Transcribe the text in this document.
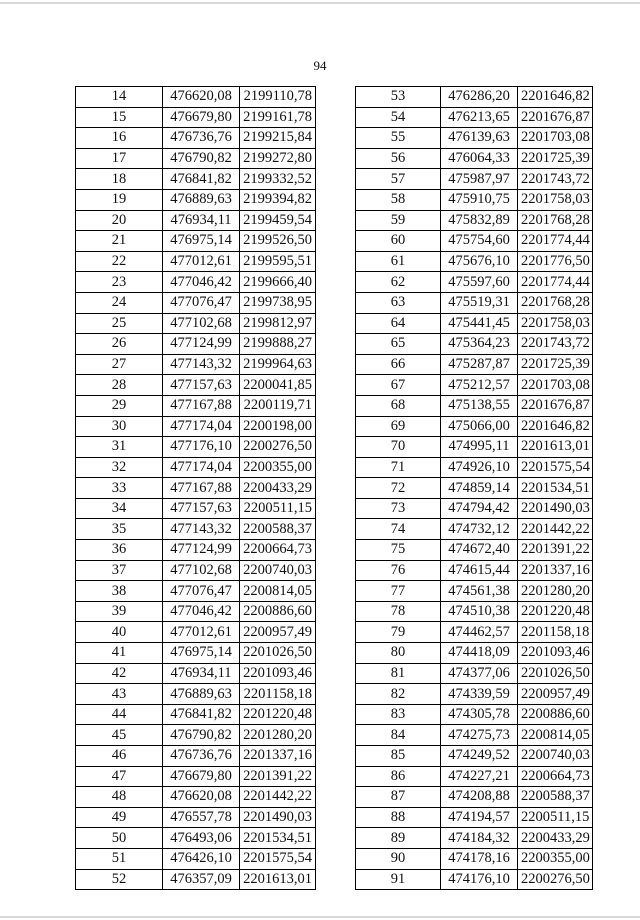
94
14	476620,08	2199110,78
15	476679,80	2199161,78
16	476736,76	2199215,84
17	476790,82	2199272,80
18	476841,82	2199332,52
19	476889,63	2199394,82
20	476934,11	2199459,54
21	476975,14	2199526,50
22	477012,61	2199595,51
23	477046,42	2199666,40
24	477076,47	2199738,95
25	477102,68	2199812,97
26	477124,99	2199888,27
27	477143,32	2199964,63
28	477157,63	2200041,85
29	477167,88	2200119,71
30	477174,04	2200198,00
31	477176,10	2200276,50
32	477174,04	2200355,00
33	477167,88	2200433,29
34	477157,63	2200511,15
35	477143,32	2200588,37
36	477124,99	2200664,73
37	477102,68	2200740,03
38	477076,47	2200814,05
39	477046,42	2200886,60
40	477012,61	2200957,49
41	476975,14	2201026,50
42	476934,11	2201093,46
43	476889,63	2201158,18
44	476841,82	2201220,48
45	476790,82	2201280,20
46	476736,76	2201337,16
47	476679,80	2201391,22
48	476620,08	2201442,22
49	476557,78	2201490,03
50	476493,06	2201534,51
51	476426,10	2201575,54
52	476357,09	2201613,01
53	476286,20	2201646,82
54	476213,65	2201676,87
55	476139,63	2201703,08
56	476064,33	2201725,39
57	475987,97	2201743,72
58	475910,75	2201758,03
59	475832,89	2201768,28
60	475754,60	2201774,44
61	475676,10	2201776,50
62	475597,60	2201774,44
63	475519,31	2201768,28
64	475441,45	2201758,03
65	475364,23	2201743,72
66	475287,87	2201725,39
67	475212,57	2201703,08
68	475138,55	2201676,87
69	475066,00	2201646,82
70	474995,11	2201613,01
71	474926,10	2201575,54
72	474859,14	2201534,51
73	474794,42	2201490,03
74	474732,12	2201442,22
75	474672,40	2201391,22
76	474615,44	2201337,16
77	474561,38	2201280,20
78	474510,38	2201220,48
79	474462,57	2201158,18
80	474418,09	2201093,46
81	474377,06	2201026,50
82	474339,59	2200957,49
83	474305,78	2200886,60
84	474275,73	2200814,05
85	474249,52	2200740,03
86	474227,21	2200664,73
87	474208,88	2200588,37
88	474194,57	2200511,15
89	474184,32	2200433,29
90	474178,16	2200355,00
91	474176,10	2200276,50
